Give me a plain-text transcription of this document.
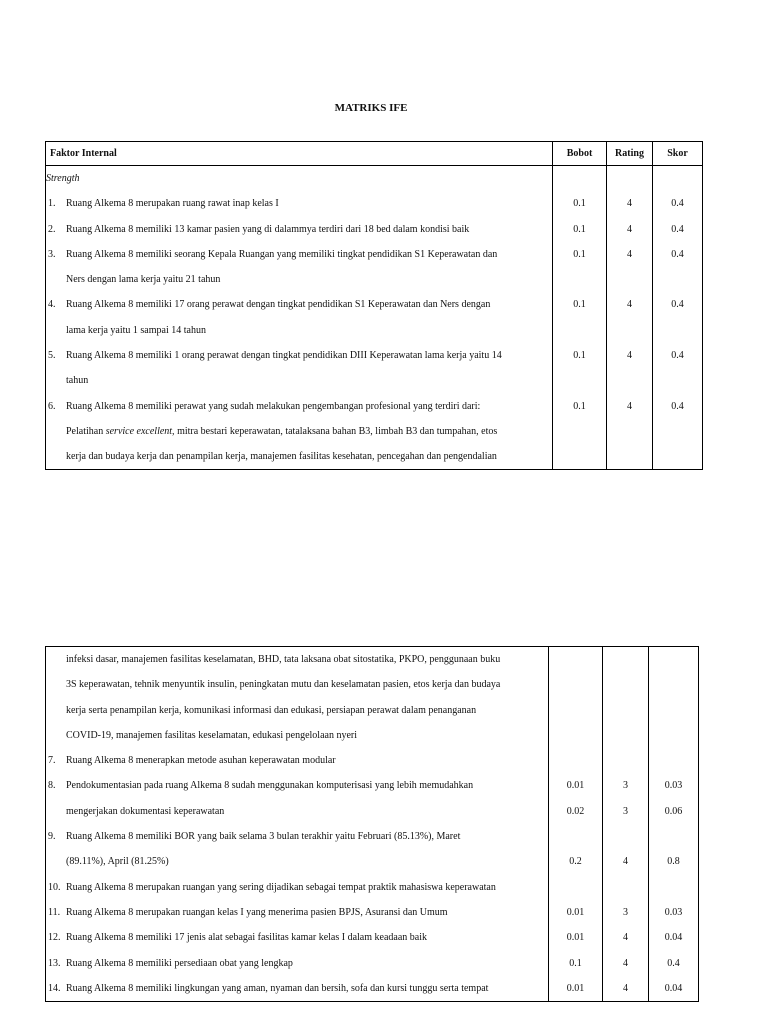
MATRIKS IFE
Faktor Internal	Bobot	Rating	Skor
Strength			

1. Ruang Alkema 8 merupakan ruang rawat inap kelas I	0.1	4	0.4

2. Ruang Alkema 8 memiliki 13 kamar pasien yang di dalammya terdiri dari 18 bed dalam kondisi baik	0.1	4	0.4

3. Ruang Alkema 8 memiliki seorang Kepala Ruangan yang memiliki tingkat pendidikan S1 Keperawatan dan
Ners dengan lama kerja yaitu 21 tahun	0.1	4	0.4

4. Ruang Alkema 8 memiliki 17 orang perawat dengan tingkat pendidikan S1 Keperawatan dan Ners dengan
lama kerja yaitu 1 sampai 14 tahun	0.1	4	0.4

5. Ruang Alkema 8 memiliki 1 orang perawat dengan tingkat pendidikan DIII Keperawatan lama kerja yaitu 14
tahun	0.1	4	0.4

6. Ruang Alkema 8 memiliki perawat yang sudah melakukan pengembangan profesional yang terdiri dari:
Pelatihan service excellent, mitra bestari keperawatan, tatalaksana bahan B3, limbah B3 dan tumpahan, etos
kerja dan budaya kerja dan penampilan kerja, manajemen fasilitas kesehatan, pencegahan dan pengendalian	0.1	4	0.4
infeksi dasar, manajemen fasilitas keselamatan, BHD, tata laksana obat sitostatika, PKPO, penggunaan buku
3S keperawatan, tehnik menyuntik insulin, peningkatan mutu dan keselamatan pasien, etos kerja dan budaya
kerja serta penampilan kerja, komunikasi informasi dan edukasi, persiapan perawat dalam penanganan
COVID-19, manajemen fasilitas keselamatan, edukasi pengelolaan nyeri			

7. Ruang Alkema 8 menerapkan metode asuhan keperawatan modular			

8. Pendokumentasian pada ruang Alkema 8 sudah menggunakan komputerisasi yang lebih memudahkan	0.01	3	0.03

mengerjakan dokumentasi keperawatan	0.02	3	0.06

9. Ruang Alkema 8 memiliki BOR yang baik selama 3 bulan terakhir yaitu Februari (85.13%), Maret
(89.11%), April (81.25%)	0.2	4	0.8

10. Ruang Alkema 8 merupakan ruangan yang sering dijadikan sebagai tempat praktik mahasiswa keperawatan			

11. Ruang Alkema 8 merupakan ruangan kelas I yang menerima pasien BPJS, Asuransi dan Umum	0.01	3	0.03

12. Ruang Alkema 8 memiliki 17 jenis alat sebagai fasilitas kamar kelas I dalam keadaan baik	0.01	4	0.04

13. Ruang Alkema 8 memiliki persediaan obat yang lengkap	0.1	4	0.4

14. Ruang Alkema 8 memiliki lingkungan yang aman, nyaman dan bersih, sofa dan kursi tunggu serta tempat	0.01	4	0.04
